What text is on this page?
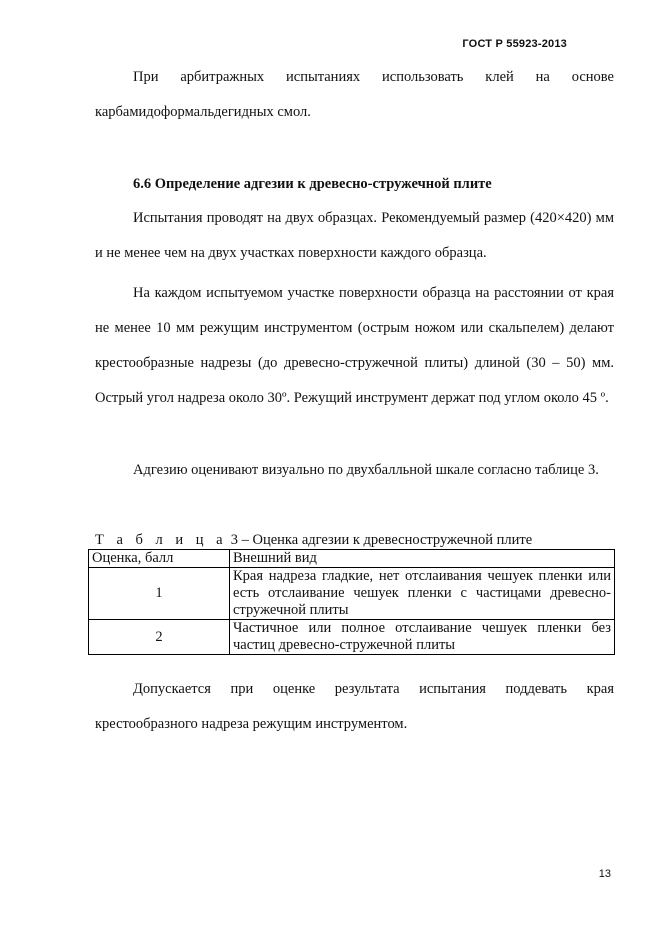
ГОСТ Р 55923-2013

При арбитражных испытаниях использовать клей на основе карбамидоформальдегидных смол.

6.6 Определение адгезии к древесно-стружечной плите

Испытания проводят на двух образцах. Рекомендуемый размер (420×420) мм и не менее чем на двух участках поверхности каждого образца.

На каждом испытуемом участке поверхности образца на расстоянии от края не менее 10 мм режущим инструментом (острым ножом или скальпелем) делают крестообразные надрезы (до древесно-стружечной плиты) длиной (30 – 50) мм. Острый угол надреза около 30º. Режущий инструмент держат под углом около 45 º.

Адгезию оценивают визуально по двухбалльной шкале согласно таблице 3.

Т а б л и ц а 3 – Оценка адгезии к древесностружечной плите
Оценка, балл	Внешний вид
1	Края надреза гладкие, нет отслаивания чешуек пленки или есть отслаивание чешуек пленки с частицами древесно-стружечной плиты
2	Частичное или полное отслаивание чешуек пленки без частиц древесно-стружечной плиты

Допускается при оценке результата испытания поддевать края крестообразного надреза режущим инструментом.

13
